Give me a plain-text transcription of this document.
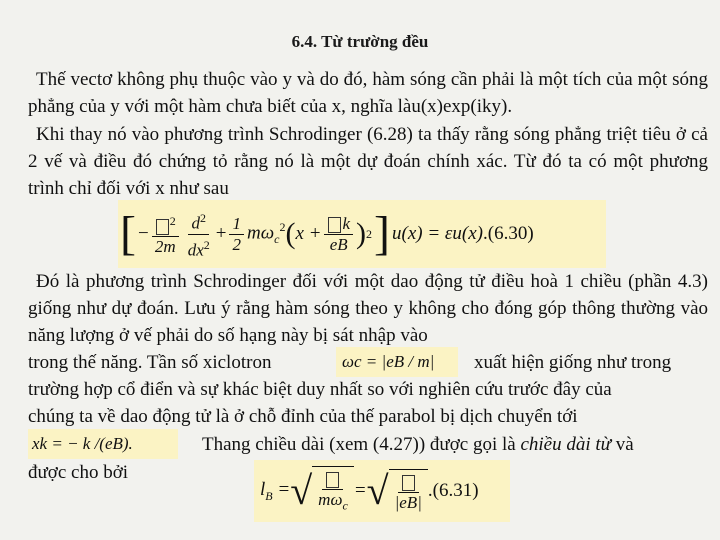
6.4. Từ trường đều
Thế vectơ không phụ thuộc vào y và do đó, hàm sóng cần phải là một tích của một sóng phẳng của y với một hàm chưa biết của x, nghĩa làu(x)exp(iky).
Khi thay nó vào phương trình Schrodinger (6.28) ta thấy rằng sóng phẳng triệt tiêu ở cả 2 vế và điều đó chứng tỏ rằng nó là một dự đoán chính xác. Từ đó ta có một phương trình chỉ đối với x như sau
[ − $\frac{^2}{2m} \frac{d^2}{dx^2} + \frac{1}{2} m\omega_c^2$ ( $x + \frac{k}{eB}$ ) 2 ] u(x) = εu(x) .(6.30)
Đó là phương trình Schrodinger đối với một dao động tử điều hoà 1 chiều (phần 4.3) giống như dự đoán. Lưu ý rằng hàm sóng theo y không cho đóng góp thông thường vào năng lượng ở vế phải do số hạng này bị sát nhập vào
trong thế năng. Tần số xiclotron	ωc = |eB / m| xuất hiện giống như trong
trường hợp cổ điển và sự khác biệt duy nhất so với nghiên cứu trước đây của
chúng ta về dao động tử là ở chỗ đỉnh của thế parabol bị dịch chuyển tới
xk = − k /(eB).	Thang chiều dài (xem (4.27)) được gọi là chiều dài từ và
được cho bởi
$l_B$ = √ $m\omega_c$
= √ |eB|
.(6.31)
